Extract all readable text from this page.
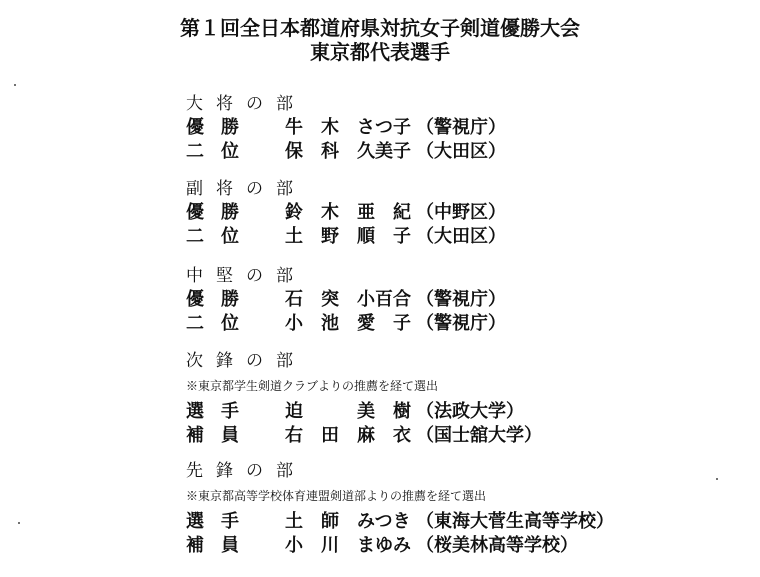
第１回全日本都道府県対抗女子剣道優勝大会
東京都代表選手
大将の部
優勝 牛　木　さつ子 （警視庁）
二位 保　科　久美子 （大田区）
副将の部
優勝 鈴　木　亜　紀 （中野区）
二位 土　野　順　子 （大田区）
中堅の部
優勝 石　突　小百合 （警視庁）
二位 小　池　愛　子 （警視庁）
次鋒の部
※東京都学生剣道クラブよりの推薦を経て選出
選手 迫　　　美　樹 （法政大学）
補員 右　田　麻　衣 （国士舘大学）
先鋒の部
※東京都高等学校体育連盟剣道部よりの推薦を経て選出
選手 土　師　みつき （東海大菅生高等学校）
補員 小　川　まゆみ （桜美林高等学校）
